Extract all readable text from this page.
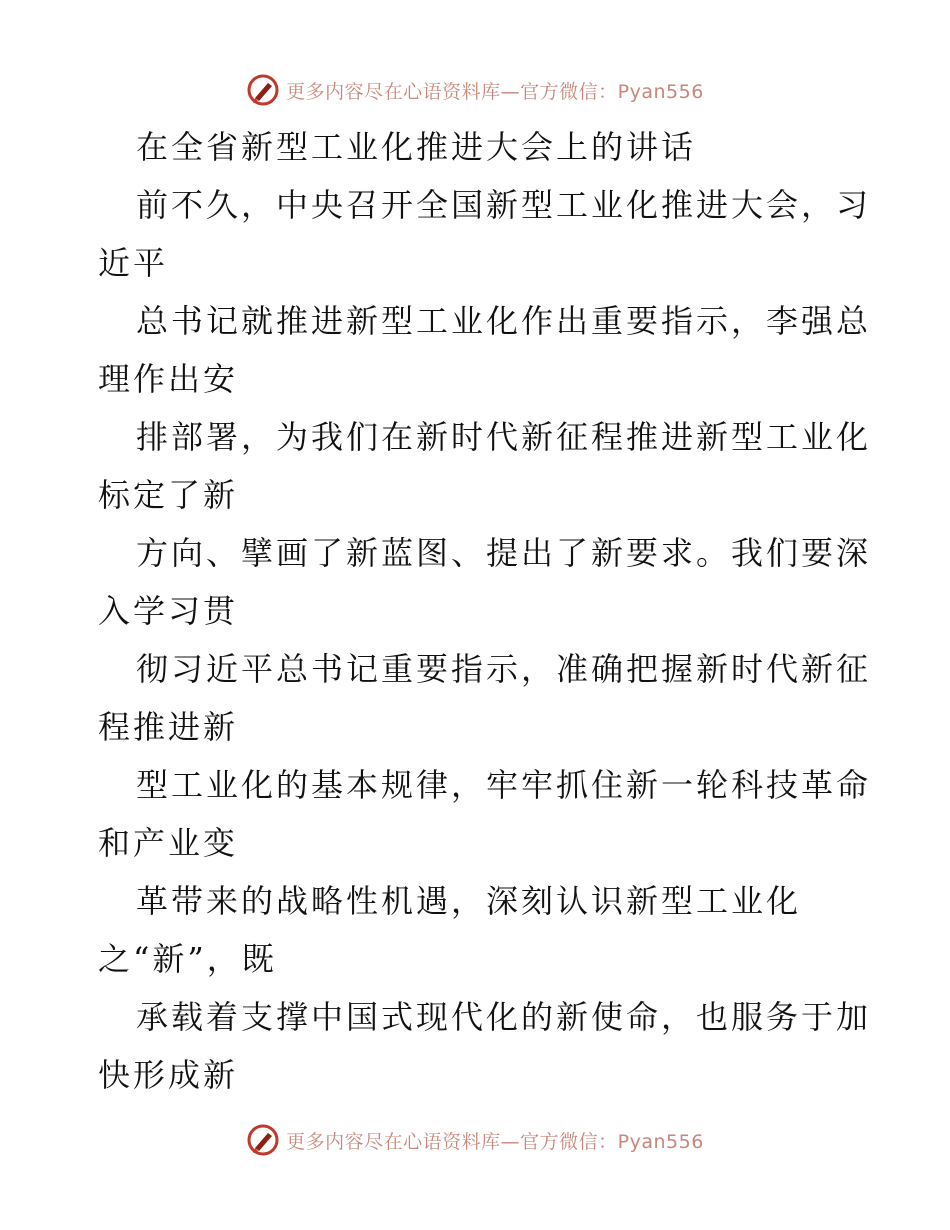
更多内容尽在心语资料库—官方微信：Pyan556

在全省新型工业化推进大会上的讲话

前不久，中央召开全国新型工业化推进大会，习
近平

总书记就推进新型工业化作出重要指示，李强总
理作出安

排部署，为我们在新时代新征程推进新型工业化
标定了新

方向、擘画了新蓝图、提出了新要求。我们要深
入学习贯

彻习近平总书记重要指示，准确把握新时代新征
程推进新

型工业化的基本规律，牢牢抓住新一轮科技革命
和产业变

革带来的战略性机遇，深刻认识新型工业化
之“新”，既

承载着支撑中国式现代化的新使命，也服务于加
快形成新

更多内容尽在心语资料库—官方微信：Pyan556
